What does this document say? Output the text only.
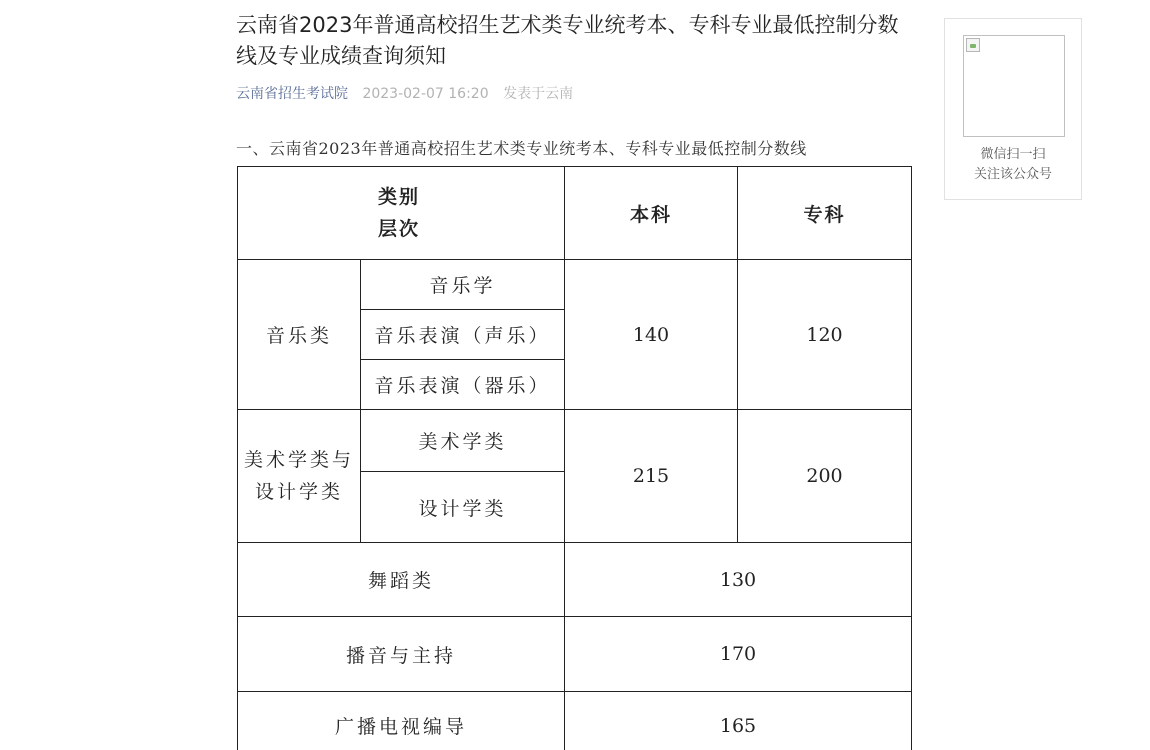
云南省2023年普通高校招生艺术类专业统考本、专科专业最低控制分数线及专业成绩查询须知
云南省招生考试院 2023-02-07 16:20 发表于云南
一、云南省2023年普通高校招生艺术类专业统考本、专科专业最低控制分数线
类别
层次		本科	专科
音乐类	音乐学	140	120
	音乐表演（声乐）		
	音乐表演（器乐）		

美术学类与
设计学类	美术学类	215	200
	设计学类		
舞蹈类		130	
播音与主持		170	
广播电视编导		165	
微信扫一扫
关注该公众号
